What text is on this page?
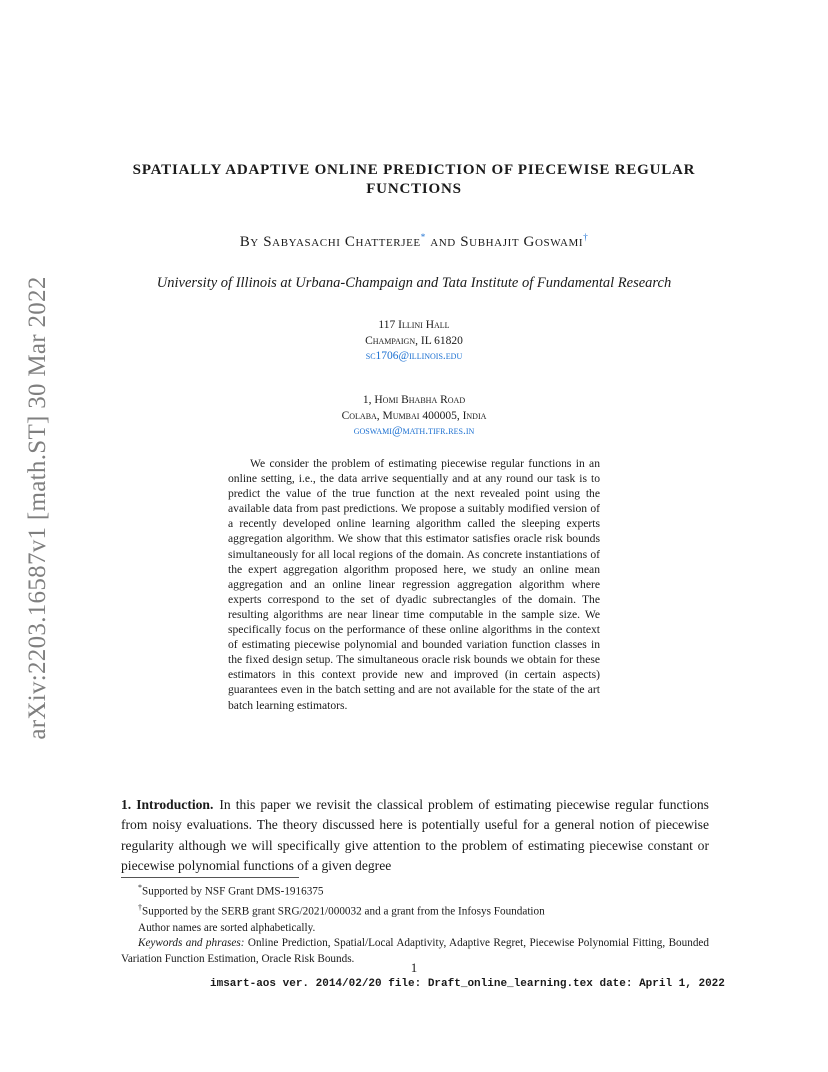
arXiv:2203.16587v1 [math.ST] 30 Mar 2022
SPATIALLY ADAPTIVE ONLINE PREDICTION OF PIECEWISE REGULAR FUNCTIONS
By Sabyasachi Chatterjee* and Subhajit Goswami†
University of Illinois at Urbana-Champaign and Tata Institute of Fundamental Research
117 Illini Hall
Champaign, IL 61820
sc1706@illinois.edu
1, Homi Bhabha Road
Colaba, Mumbai 400005, India
goswami@math.tifr.res.in
We consider the problem of estimating piecewise regular functions in an online setting, i.e., the data arrive sequentially and at any round our task is to predict the value of the true function at the next revealed point using the available data from past predictions. We propose a suitably modified version of a recently developed online learning algorithm called the sleeping experts aggregation algorithm. We show that this estimator satisfies oracle risk bounds simultaneously for all local regions of the domain. As concrete instantiations of the expert aggregation algorithm proposed here, we study an online mean aggregation and an online linear regression aggregation algorithm where experts correspond to the set of dyadic subrectangles of the domain. The resulting algorithms are near linear time computable in the sample size. We specifically focus on the performance of these online algorithms in the context of estimating piecewise polynomial and bounded variation function classes in the fixed design setup. The simultaneous oracle risk bounds we obtain for these estimators in this context provide new and improved (in certain aspects) guarantees even in the batch setting and are not available for the state of the art batch learning estimators.
1. Introduction. In this paper we revisit the classical problem of estimating piecewise regular functions from noisy evaluations. The theory discussed here is potentially useful for a general notion of piecewise regularity although we will specifically give attention to the problem of estimating piecewise constant or piecewise polynomial functions of a given degree
*Supported by NSF Grant DMS-1916375
†Supported by the SERB grant SRG/2021/000032 and a grant from the Infosys Foundation
Author names are sorted alphabetically.
Keywords and phrases: Online Prediction, Spatial/Local Adaptivity, Adaptive Regret, Piecewise Polynomial Fitting, Bounded Variation Function Estimation, Oracle Risk Bounds.
1
imsart-aos ver. 2014/02/20 file: Draft_online_learning.tex date: April 1, 2022
